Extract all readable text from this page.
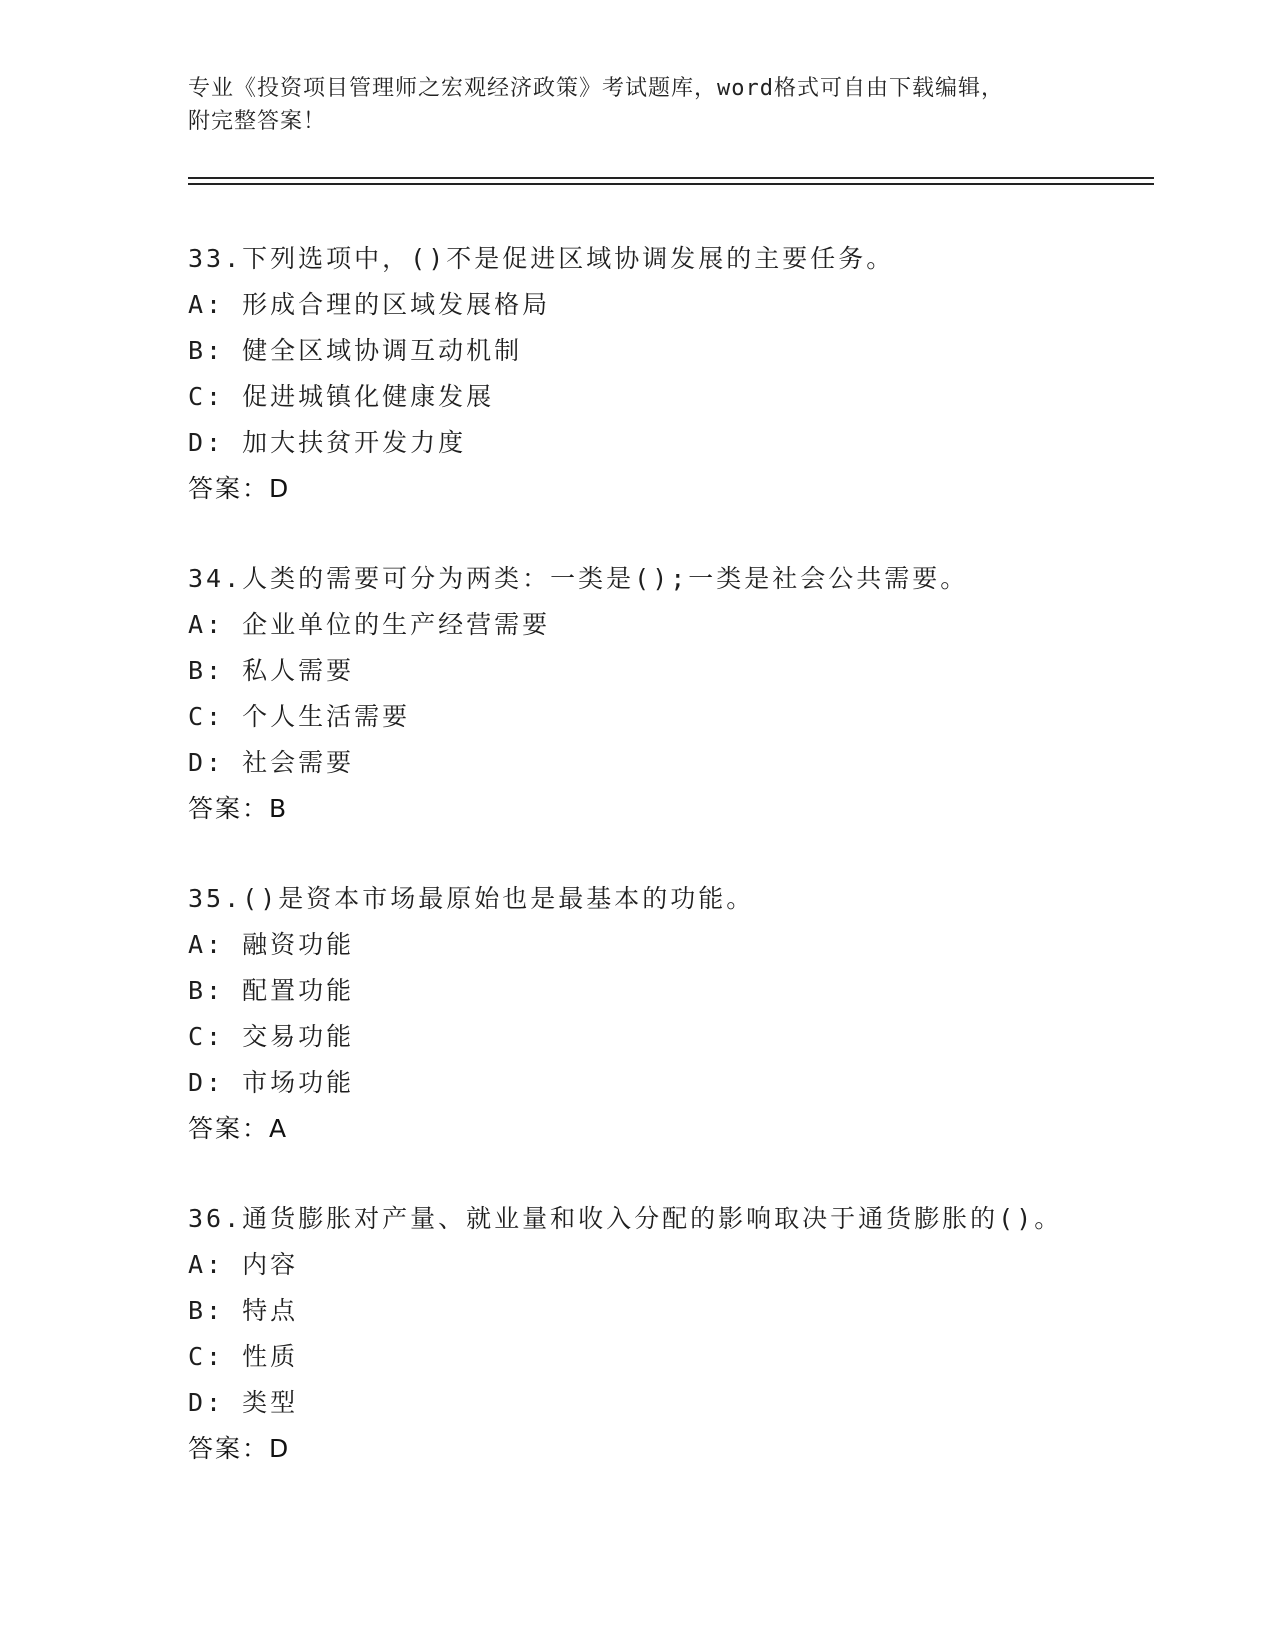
专业《投资项目管理师之宏观经济政策》考试题库，word格式可自由下载编辑，
附完整答案！
33.下列选项中，()不是促进区域协调发展的主要任务。
A: 形成合理的区域发展格局
B: 健全区域协调互动机制
C: 促进城镇化健康发展
D: 加大扶贫开发力度
答案：D
34.人类的需要可分为两类：一类是();一类是社会公共需要。
A: 企业单位的生产经营需要
B: 私人需要
C: 个人生活需要
D: 社会需要
答案：B
35.()是资本市场最原始也是最基本的功能。
A: 融资功能
B: 配置功能
C: 交易功能
D: 市场功能
答案：A
36.通货膨胀对产量、就业量和收入分配的影响取决于通货膨胀的()。
A: 内容
B: 特点
C: 性质
D: 类型
答案：D
